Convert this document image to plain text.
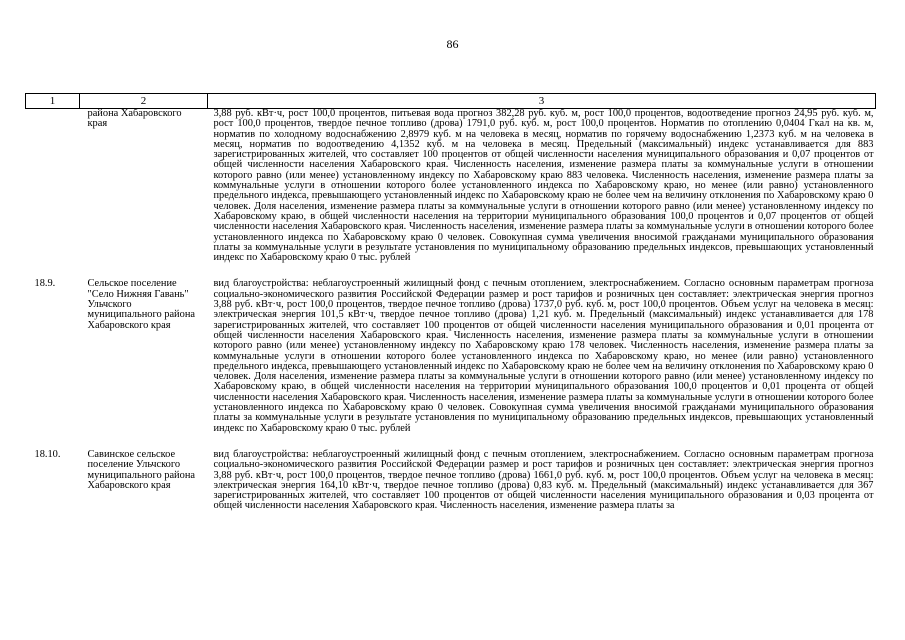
86
1	2	3
	района Хабаровского края	3,88 руб. кВт·ч, рост 100,0 процентов, питьевая вода прогноз 382,28 руб. куб. м, рост 100,0 процентов, водоотведение прогноз 24,95 руб. куб. м, рост 100,0 процентов, твердое печное топливо (дрова) 1791,0 руб. куб. м, рост 100,0 процентов. Норматив по отоплению 0,0404 Гкал на кв. м, норматив по холодному водоснабжению 2,8979 куб. м на человека в месяц, норматив по горячему водоснабжению 1,2373 куб. м на человека в месяц, норматив по водоотведению 4,1352 куб. м на человека в месяц. Предельный (максимальный) индекс устанавливается для 883 зарегистрированных жителей, что составляет 100 процентов от общей численности населения муниципального образования и 0,07 процентов от общей численности населения Хабаровского края. Численность населения, изменение размера платы за коммунальные услуги в отношении которого равно (или менее) установленному индексу по Хабаровскому краю 883 человека. Численность населения, изменение размера платы за коммунальные услуги в отношении которого более установленного индекса по Хабаровскому краю, но менее (или равно) установленного предельного индекса, превышающего установленный индекс по Хабаровскому краю не более чем на величину отклонения по Хабаровскому краю 0 человек. Доля населения, изменение размера платы за коммунальные услуги в отношении которого равно (или менее) установленному индексу по Хабаровскому краю, в общей численности населения на территории муниципального образования 100,0 процентов и 0,07 процентов от общей численности населения Хабаровского края. Численность населения, изменение размера платы за коммунальные услуги в отношении которого более установленного индекса по Хабаровскому краю 0 человек. Совокупная сумма увеличения вносимой гражданами муниципального образования платы за коммунальные услуги в результате установления по муниципальному образованию предельных индексов, превышающих установленный индекс по Хабаровскому краю 0 тыс. рублей
18.9.	Сельское поселение "Село Нижняя Гавань" Ульчского муниципального района Хабаровского края	вид благоустройства: неблагоустроенный жилищный фонд с печным отоплением, электроснабжением. Согласно основным параметрам прогноза социально-экономического развития Российской Федерации размер и рост тарифов и розничных цен составляет: электрическая энергия прогноз 3,88 руб. кВт·ч, рост 100,0 процентов, твердое печное топливо (дрова) 1737,0 руб. куб. м, рост 100,0 процентов. Объем услуг на человека в месяц: электрическая энергия 101,5 кВт·ч, твердое печное топливо (дрова) 1,21 куб. м. Предельный (максимальный) индекс устанавливается для 178 зарегистрированных жителей, что составляет 100 процентов от общей численности населения муниципального образования и 0,01 процента от общей численности населения Хабаровского края. Численность населения, изменение размера платы за коммунальные услуги в отношении которого равно (или менее) установленному индексу по Хабаровскому краю 178 человек. Численность населения, изменение размера платы за коммунальные услуги в отношении которого более установленного индекса по Хабаровскому краю, но менее (или равно) установленного предельного индекса, превышающего установленный индекс по Хабаровскому краю не более чем на величину отклонения по Хабаровскому краю 0 человек. Доля населения, изменение размера платы за коммунальные услуги в отношении которого равно (или менее) установленному индексу по Хабаровскому краю, в общей численности населения на территории муниципального образования 100,0 процентов и 0,01 процента от общей численности населения Хабаровского края. Численность населения, изменение размера платы за коммунальные услуги в отношении которого более установленного индекса по Хабаровскому краю 0 человек. Совокупная сумма увеличения вносимой гражданами муниципального образования платы за коммунальные услуги в результате установления по муниципальному образованию предельных индексов, превышающих установленный индекс по Хабаровскому краю 0 тыс. рублей
18.10.	Савинское сельское поселение Ульчского муниципального района Хабаровского края	вид благоустройства: неблагоустроенный жилищный фонд с печным отоплением, электроснабжением. Согласно основным параметрам прогноза социально-экономического развития Российской Федерации размер и рост тарифов и розничных цен составляет: электрическая энергия прогноз 3,88 руб. кВт·ч, рост 100,0 процентов, твердое печное топливо (дрова) 1661,0 руб. куб. м, рост 100,0 процентов. Объем услуг на человека в месяц: электрическая энергия 164,10 кВт·ч, твердое печное топливо (дрова) 0,83 куб. м. Предельный (максимальный) индекс устанавливается для 367 зарегистрированных жителей, что составляет 100 процентов от общей численности населения муниципального образования и 0,03 процента от общей численности населения Хабаровского края. Численность населения, изменение размера платы за
